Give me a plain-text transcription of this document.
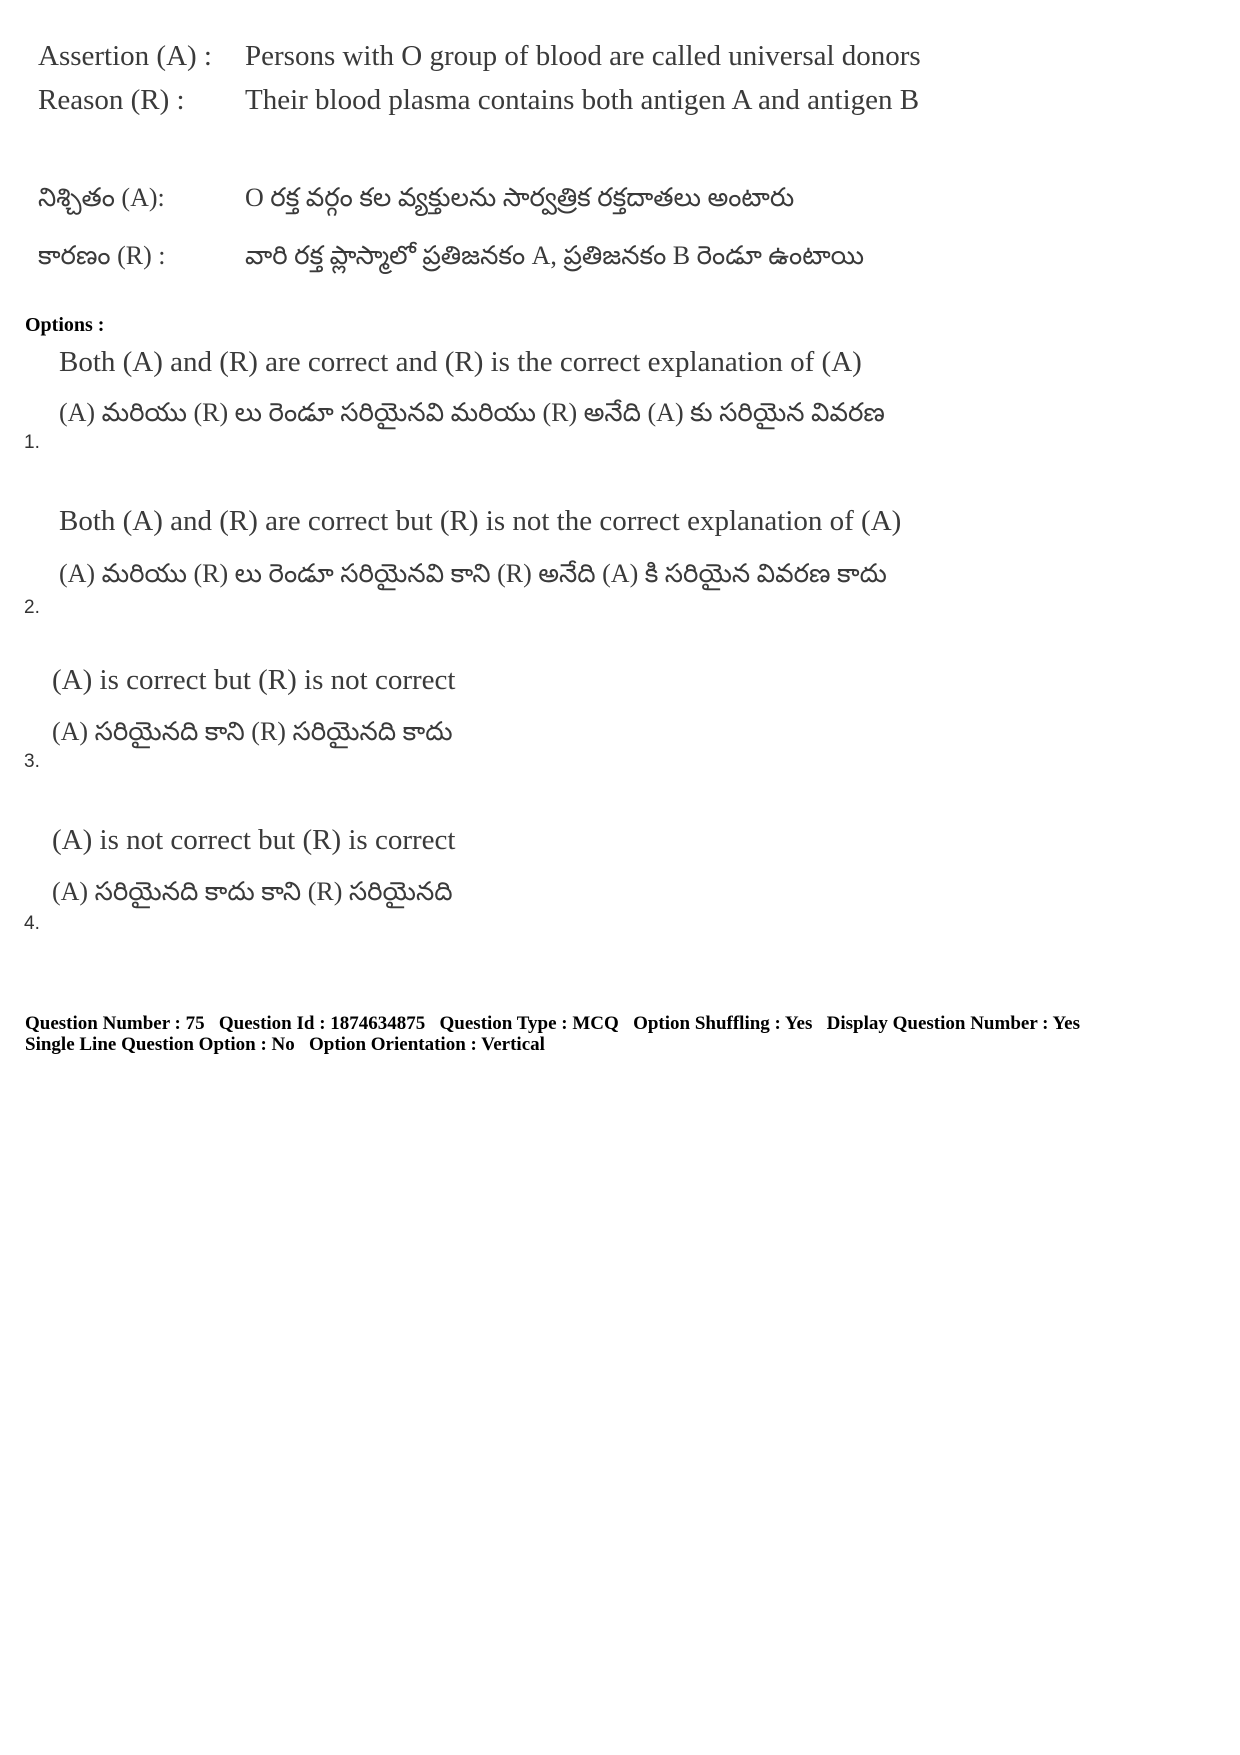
Assertion (A) : Persons with O group of blood are called universal donors
Reason (R) : Their blood plasma contains both antigen A and antigen B
నిశ్చితం (A):	O రక్త వర్గం కల వ్యక్తులను సార్వత్రిక రక్తదాతలు అంటారు
కారణం (R) :	వారి రక్త ప్లాస్మాలో ప్రతిజనకం A, ప్రతిజనకం B రెండూ ఉంటాయి
Options :
Both (A) and (R) are correct and (R) is the correct explanation of (A)
(A) మరియు (R) లు రెండూ సరియైనవి మరియు (R) అనేది (A) కు సరియైన వివరణ
1.
Both (A) and (R) are correct but (R) is not the correct explanation of (A)
(A) మరియు (R) లు రెండూ సరియైనవి కాని (R) అనేది (A) కి సరియైన వివరణ కాదు
2.
(A) is correct but (R) is not correct
(A) సరియైనది కాని (R) సరియైనది కాదు
3.
(A) is not correct but (R) is correct
(A) సరియైనది కాదు కాని (R) సరియైనది
4.
Question Number : 75 Question Id : 1874634875 Question Type : MCQ Option Shuffling : Yes Display Question Number : Yes
Single Line Question Option : No Option Orientation : Vertical
